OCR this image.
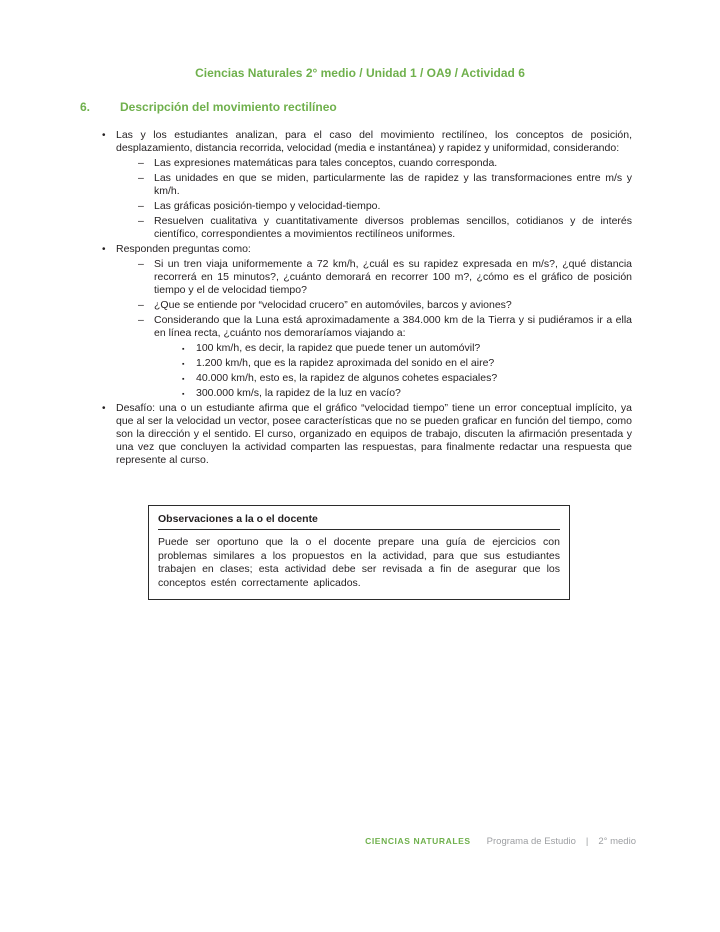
Ciencias Naturales 2° medio / Unidad 1 / OA9 / Actividad 6
6.	Descripción del movimiento rectilíneo
• Las y los estudiantes analizan, para el caso del movimiento rectilíneo, los conceptos de posición, desplazamiento, distancia recorrida, velocidad (media e instantánea) y rapidez y uniformidad, considerando:
– Las expresiones matemáticas para tales conceptos, cuando corresponda.
– Las unidades en que se miden, particularmente las de rapidez y las transformaciones entre m/s y km/h.
– Las gráficas posición-tiempo y velocidad-tiempo.
– Resuelven cualitativa y cuantitativamente diversos problemas sencillos, cotidianos y de interés científico, correspondientes a movimientos rectilíneos uniformes.
• Responden preguntas como:
– Si un tren viaja uniformemente a 72 km/h, ¿cuál es su rapidez expresada en m/s?, ¿qué distancia recorrerá en 15 minutos?, ¿cuánto demorará en recorrer 100 m?, ¿cómo es el gráfico de posición tiempo y el de velocidad tiempo?
– ¿Que se entiende por “velocidad crucero” en automóviles, barcos y aviones?
– Considerando que la Luna está aproximadamente a 384.000 km de la Tierra y si pudiéramos ir a ella en línea recta, ¿cuánto nos demoraríamos viajando a:
▪ 100 km/h, es decir, la rapidez que puede tener un automóvil?
▪ 1.200 km/h, que es la rapidez aproximada del sonido en el aire?
▪ 40.000 km/h, esto es, la rapidez de algunos cohetes espaciales?
▪ 300.000 km/s, la rapidez de la luz en vacío?
• Desafío: una o un estudiante afirma que el gráfico “velocidad tiempo” tiene un error conceptual implícito, ya que al ser la velocidad un vector, posee características que no se pueden graficar en función del tiempo, como son la dirección y el sentido. El curso, organizado en equipos de trabajo, discuten la afirmación presentada y una vez que concluyen la actividad comparten las respuestas, para finalmente redactar una respuesta que represente al curso.
Observaciones a la o el docente
Puede ser oportuno que la o el docente prepare una guía de ejercicios con problemas similares a los propuestos en la actividad, para que sus estudiantes trabajen en clases; esta actividad debe ser revisada a fin de asegurar que los conceptos estén correctamente aplicados.
CIENCIAS NATURALES Programa de Estudio | 2° medio
